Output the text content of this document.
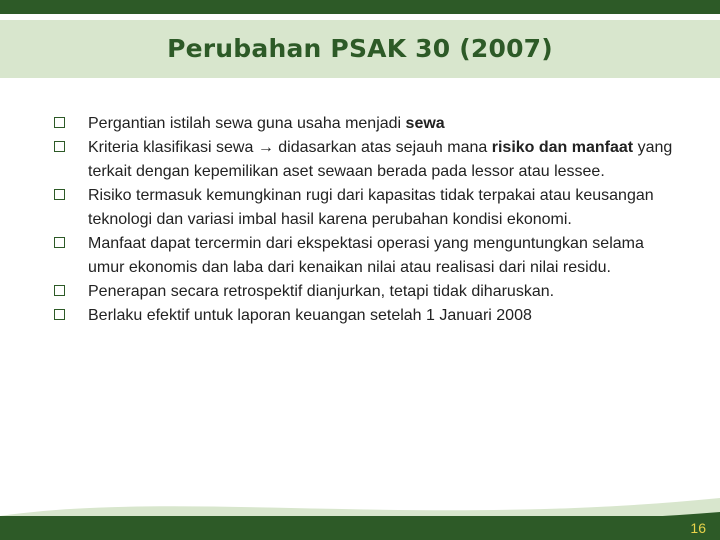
Perubahan PSAK 30 (2007)

Pergantian istilah sewa guna usaha menjadi sewa

Kriteria klasifikasi sewa → didasarkan atas sejauh mana risiko dan manfaat yang terkait dengan kepemilikan aset sewaan berada pada lessor atau lessee.

Risiko termasuk kemungkinan rugi dari kapasitas tidak terpakai atau keusangan teknologi dan variasi imbal hasil karena perubahan kondisi ekonomi.

Manfaat dapat tercermin dari ekspektasi operasi yang menguntungkan selama umur ekonomis dan laba dari kenaikan nilai atau realisasi dari nilai residu.

Penerapan secara retrospektif dianjurkan, tetapi tidak diharuskan.

Berlaku efektif untuk laporan keuangan setelah 1 Januari 2008

16
